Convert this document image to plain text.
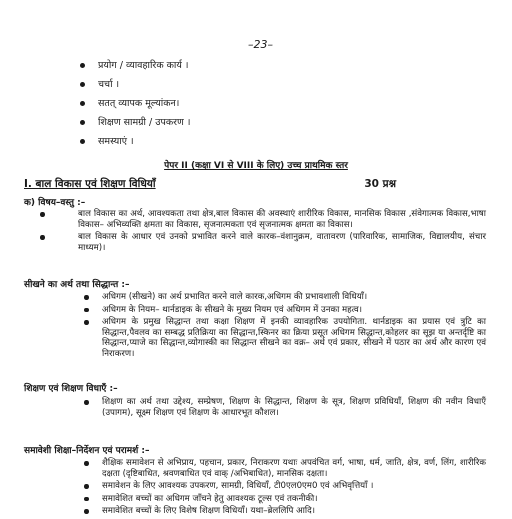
–23–
प्रयोग / व्यावहारिक कार्य ।
चर्चा ।
सतत् व्यापक मूल्यांकन।
शिक्षण सामग्री / उपकरण ।
समस्याएं ।
पेपर II (कक्षा VI से VIII के लिए) उच्च प्राथमिक स्तर
I. बाल विकास एवं शिक्षण विधियाँ	30 प्रश्न
क) विषय–वस्तु :–
बाल विकास का अर्थ, आवश्यकता तथा क्षेत्र,बाल विकास की अवस्थाएं शारीरिक विकास, मानसिक विकास ,संवेगात्मक विकास,भाषा विकास– अभिव्यक्ति क्षमता का विकास, सृजनात्मकता एवं सृजनात्मक क्षमता का विकास।
बाल विकास के आधार एवं उनको प्रभावित करने वाले कारक–वंशानुक्रम, वातावरण (पारिवारिक, सामाजिक, विद्यालयीय, संचार माध्यम)।
सीखने का अर्थ तथा सिद्धान्त :–
अधिगम (सीखने) का अर्थ प्रभावित करने वाले कारक,अधिगम की प्रभावशाली विधियाँ।
अधिगम के नियम– थार्नडाइक के सीखने के मुख्य नियम एवं अधिगम में उनका महत्व।
अधिगम के प्रमुख सिद्धान्त तथा कक्षा शिक्षण में इनकी व्यावहारिक उपयोगिता. थार्नडाइक का प्रयास एवं त्रुटि का सिद्धान्त,पैवलव का सम्बद्ध प्रतिक्रिया का सिद्धान्त,स्किनर का क्रिया प्रसूत अधिगम सिद्धान्त,कोहलर का सूझ या अन्तर्दृष्टि का सिद्धान्त,प्याजे का सिद्धान्त,व्योगास्की का सिद्धान्त सीखने का वक्र– अर्थ एवं प्रकार, सीखने में पठार का अर्थ और कारण एवं निराकरण।
शिक्षण एवं शिक्षण विधाएँ :–
शिक्षण का अर्थ तथा उद्देश्य, सम्प्रेषण, शिक्षण के सिद्धान्त, शिक्षण के सूत्र, शिक्षण प्रविधियाँ, शिक्षण की नवीन विधाएँ (उपागम), सूक्ष्म शिक्षण एवं शिक्षण के आधारभूत कौशल।
समावेशी शिक्षा–निर्देशन एवं परामर्श :–
शैक्षिक समावेशन से अभिप्राय, पहचान, प्रकार, निराकरण यथाः अपवंचित वर्ग, भाषा, धर्म, जाति, क्षेत्र, वर्ण, लिंग, शारीरिक दक्षता (दृष्टिबाधित, श्रवणबाधित एवं वाक् /अभिबाधित), मानसिक दक्षता।
समावेशन के लिए आवश्यक उपकरण, सामग्री, विधियाँ, टी0एल0एम0 एवं अभिवृत्तियाँ ।
समावेशित बच्चों का अधिगम जाँचने हेतु आवश्यक टूल्स एवं तकनीकी।
समावेशित बच्चों के लिए विशेष शिक्षण विधियाँ। यथा–ब्रेललिपि आदि।
